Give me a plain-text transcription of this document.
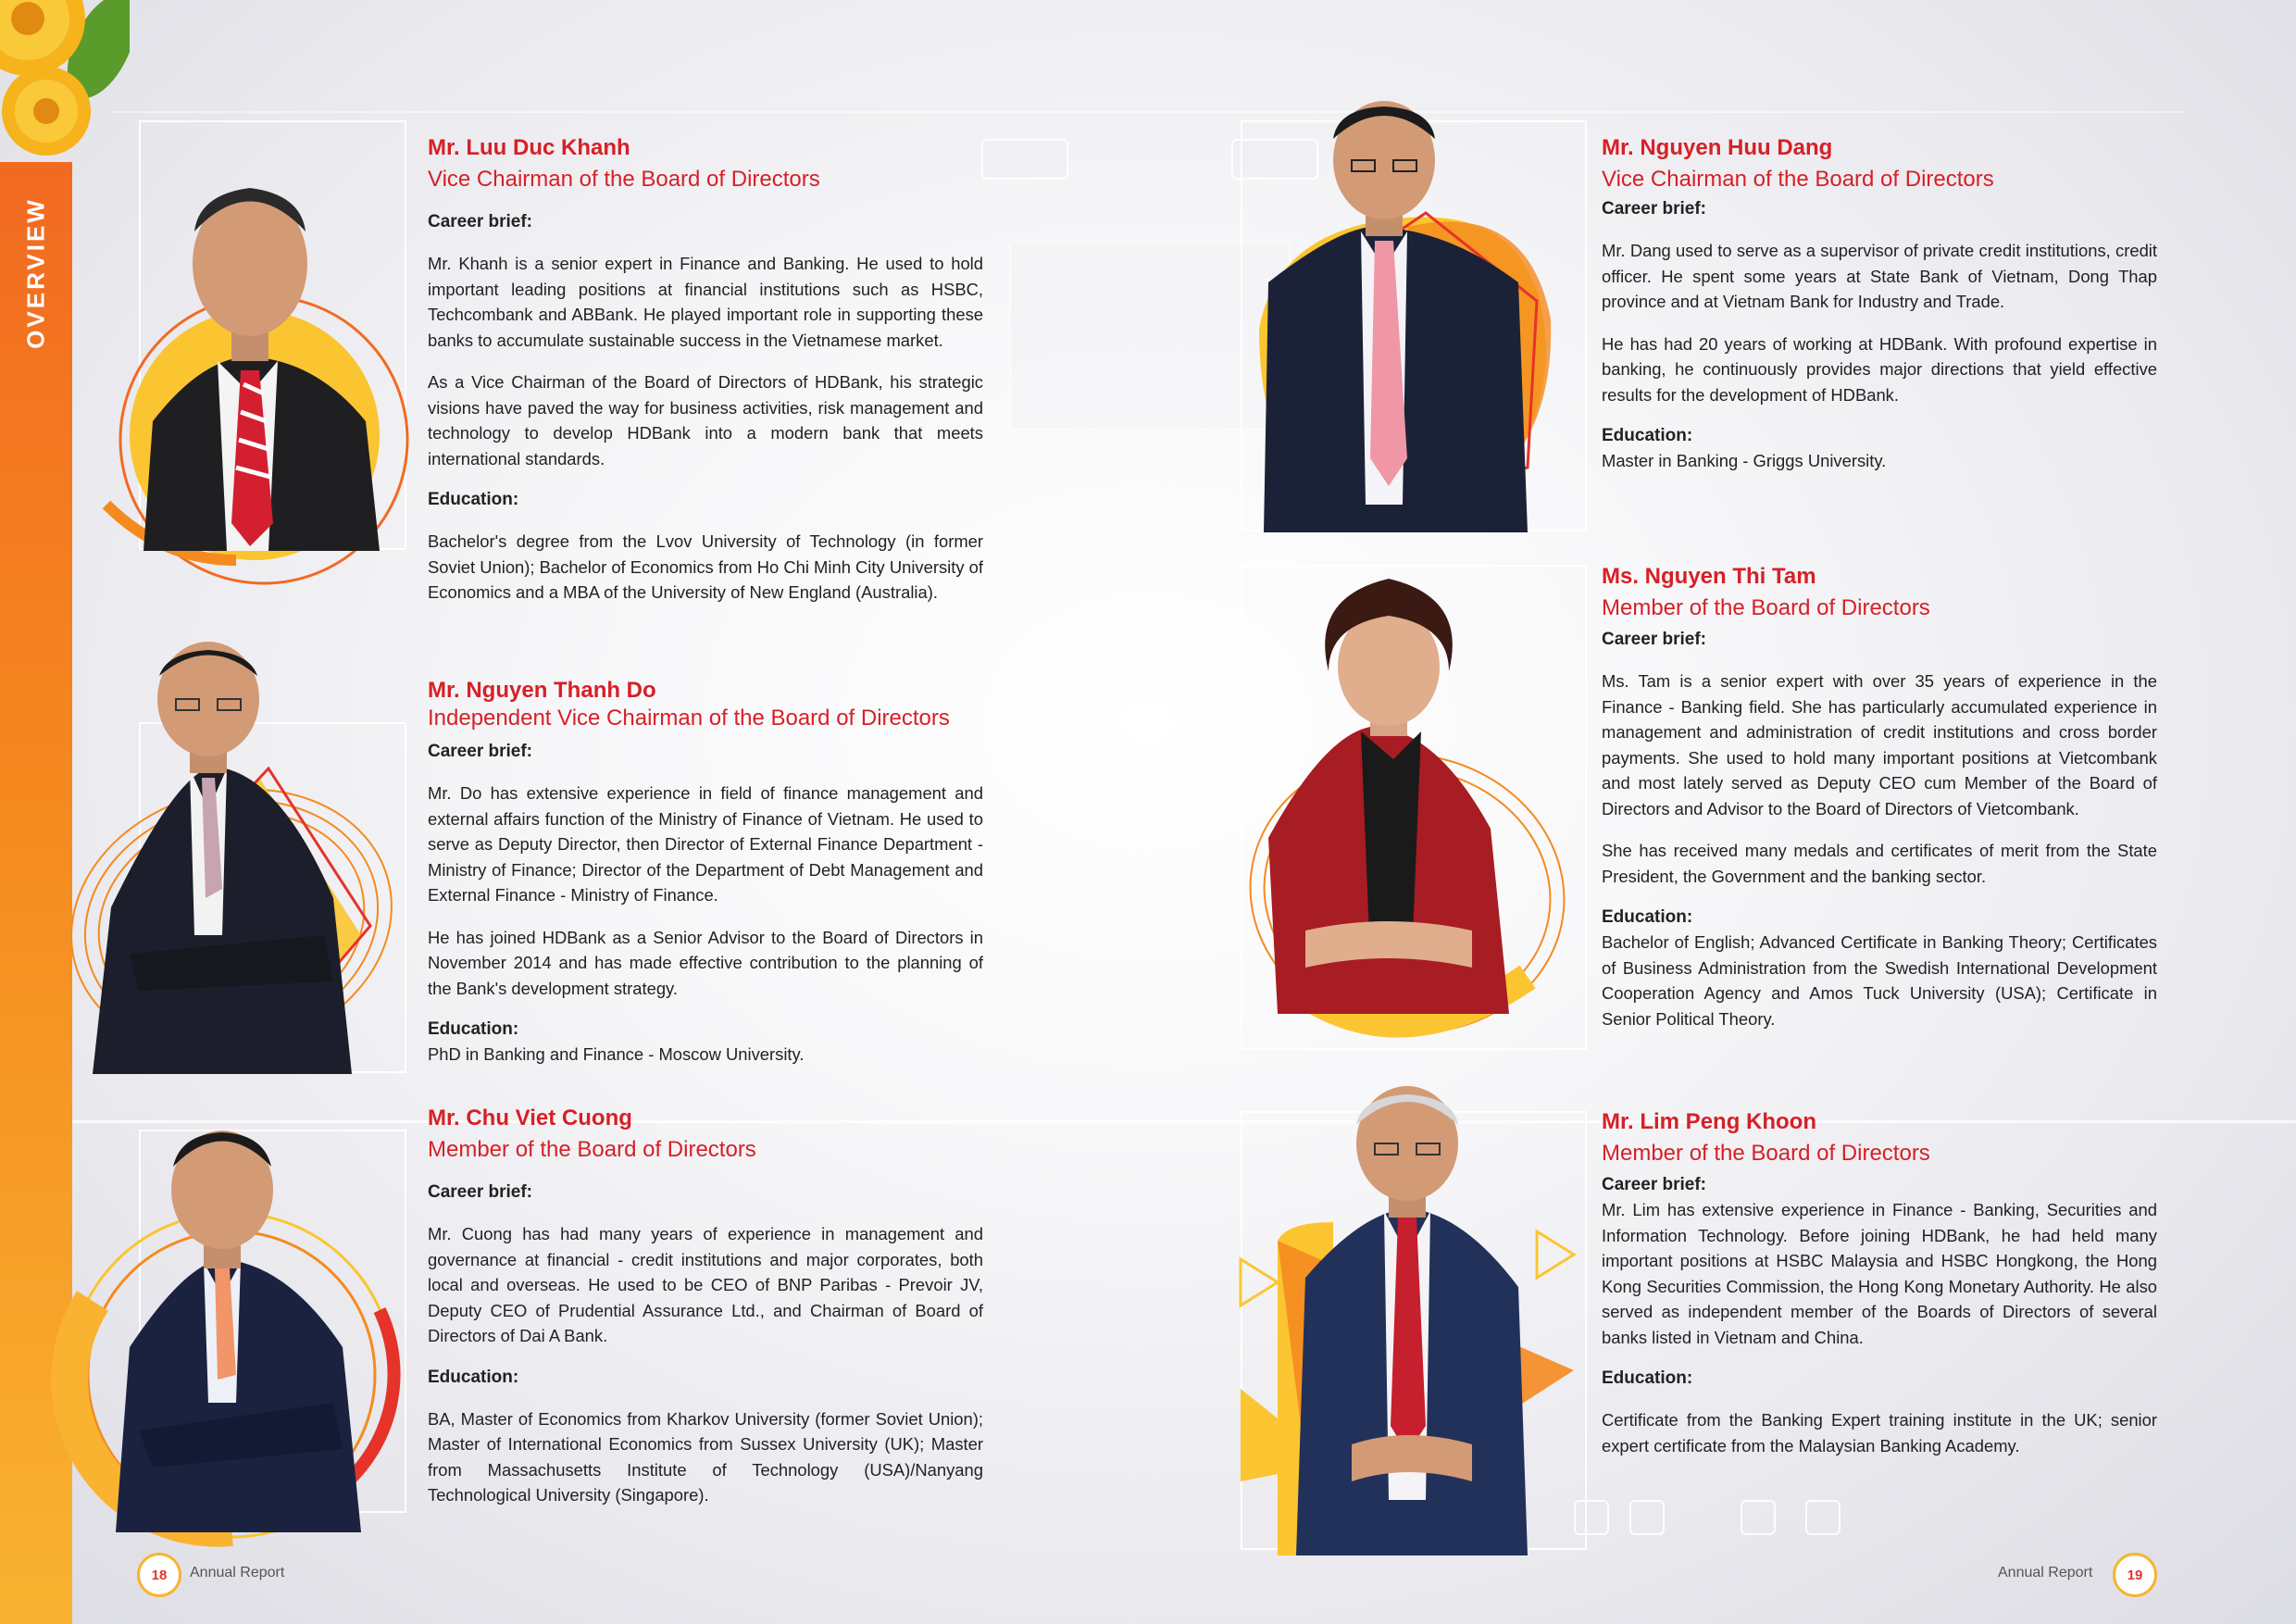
OVERVIEW

Mr. Luu Duc Khanh

Vice Chairman of the Board of Directors

Career brief:

Mr. Khanh is a senior expert in Finance and Banking. He used to hold important leading positions at financial institutions such as HSBC, Techcombank and ABBank. He played important role in supporting these banks to accumulate sustainable success in the Vietnamese market.

As a Vice Chairman of the Board of Directors of HDBank, his strategic visions have paved the way for business activities, risk management and technology to develop HDBank into a modern bank that meets international standards.

Education:

Bachelor's degree from the Lvov University of Technology (in former Soviet Union); Bachelor of Economics from Ho Chi Minh City University of Economics and a MBA of the University of New England (Australia).

Mr. Nguyen Thanh Do

Independent Vice Chairman of the Board of Directors

Career brief:

Mr. Do has extensive experience in field of finance management and external affairs function of the Ministry of Finance of Vietnam. He used to serve as Deputy Director, then Director of External Finance Department - Ministry of Finance; Director of the Department of Debt Management and External Finance - Ministry of Finance.

He has joined HDBank as a Senior Advisor to the Board of Directors in November 2014 and has made effective contribution to the planning of the Bank's development strategy.

Education:

PhD in Banking and Finance - Moscow University.

Mr. Chu Viet Cuong

Member of the Board of Directors

Career brief:

Mr. Cuong has had many years of experience in management and governance at financial - credit institutions and major corporates, both local and overseas. He used to be CEO of BNP Paribas - Prevoir JV, Deputy CEO of Prudential Assurance Ltd., and Chairman of Board of Directors of Dai A Bank.

Education:

BA, Master of Economics from Kharkov University (former Soviet Union); Master of International Economics from Sussex University (UK); Master from Massachusetts Institute of Technology (USA)/Nanyang Technological University (Singapore).

Mr. Nguyen Huu Dang

Vice Chairman of the Board of Directors

Career brief:

Mr. Dang used to serve as a supervisor of private credit institutions, credit officer. He spent some years at State Bank of Vietnam, Dong Thap province and at Vietnam Bank for Industry and Trade.

He has had 20 years of working at HDBank. With profound expertise in banking, he continuously provides major directions that yield effective results for the development of HDBank.

Education:

Master in Banking - Griggs University.

Ms. Nguyen Thi Tam

Member of the Board of Directors

Career brief:

Ms. Tam is a senior expert with over 35 years of experience in the Finance - Banking field. She has particularly accumulated experience in management and administration of credit institutions and cross border payments. She used to hold many important positions at Vietcombank and most lately served as Deputy CEO cum Member of the Board of Directors and Advisor to the Board of Directors of Vietcombank.

She has received many medals and certificates of merit from the State President, the Government and the banking sector.

Education:

Bachelor of English; Advanced Certificate in Banking Theory; Certificates of Business Administration from the Swedish International Development Cooperation Agency and Amos Tuck University (USA); Certificate in Senior Political Theory.

Mr. Lim Peng Khoon

Member of the Board of Directors

Career brief:

Mr. Lim has extensive experience in Finance - Banking, Securities and Information Technology. Before joining HDBank, he had held many important positions at HSBC Malaysia and HSBC Hongkong, the Hong Kong Securities Commission, the Hong Kong Monetary Authority. He also served as independent member of the Boards of Directors of several banks listed in Vietnam and China.

Education:

Certificate from the Banking Expert training institute in the UK; senior expert certificate from the Malaysian Banking Academy.

18	Annual Report	Annual Report	19
